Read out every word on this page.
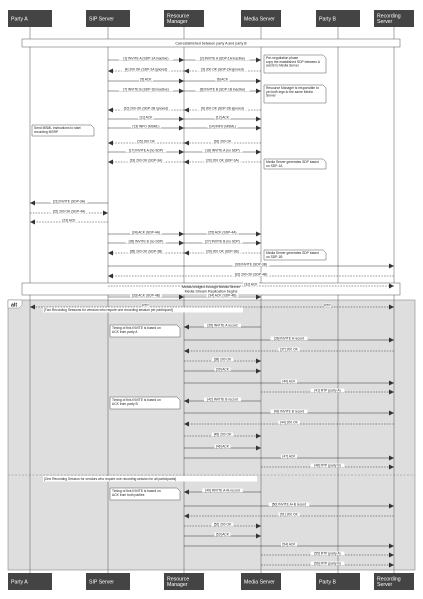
alt
Call established between party A and party B
Media bridged through Media Server Media Stream Replication begins
[Two Recording Sessions for vendors who require one recording session per participant]
[One Recording Session for vendors who require one recording session for all participants]
[1] INVITE A (SDP-1A inactive)	[2] INVITE A (SDP-1A inactive)
[3] 200 OK (SDP-2A ignored)
[4] 200 OK (SDP-2A ignored)
[5] ACK	[6] ACK
[7] INVITE B (SDP-1B inactive)	[8] INVITE B (SDP-1B inactive)
[9] 200 OK (SDP-2B ignored)
[10] 200 OK (SDP-2B ignored)
[11] ACK	[12] ACK
[13] INFO (MSML)	[14] INFO (MSML)
[15] 200 OK	[16] 200 OK
[17] INVITE A (no SDP)	[18] INVITE A (no SDP)
[19] 200 OK (SDP-3A)	[20] 200 OK (SDP-3A)
[21] INVITE (SDP-3A)
[22] 200 OK (SDP-4A)
[23] ACK
[24] ACK (SDP-4A)	[25] ACK (SDP-4A)
[26] INVITE B (no SDP)	[27] INVITE B (no SDP)
[28] 200 OK (SDP-3B)	[29] 200 OK (SDP-3B)
[30] INVITE (SDP-3B)
[31] 200 OK (SDP-4B)
[32] ACK
[33] ACK (SDP-4B)	[34] ACK (SDP-4B)
RTP	RTP
[35] INVITE A record
[36] INVITE A record
[37] 200 OK
[38] 200 OK
[39] ACK
[40] ACK
[41] RTP (party A)
[42] INVITE B record
[43] INVITE B record
[44] 200 OK
[45] 200 OK
[46] ACK
[47] ACK
[48] RTP (party B)
[49] INVITE A+B record
[50] INVITE A+B record
[51] 200 OK
[52] 200 OK
[53] ACK
[54] ACK
[55] RTP (party A)
[56] RTP (party B)
Pre-negotiation phase copy the established SDP between A and B to Media Server
Resource Manager is responsible to pin both legs to the same Media Server
Send MSML instructions to start recording MSRP
Media Server generates SDP based on SDP-1A
Media Server generates SDP based on SDP-1B
Timing of this INVITE is based on ACK from party A
Timing of this INVITE is based on ACK from party B
Timing of this INVITE is based on ACK from both parties
Party A
Party A
SIP Server
SIP Server
Resource Manager
Resource Manager
Media Server
Media Server
Party B
Party B
Recording Server
Recording Server
